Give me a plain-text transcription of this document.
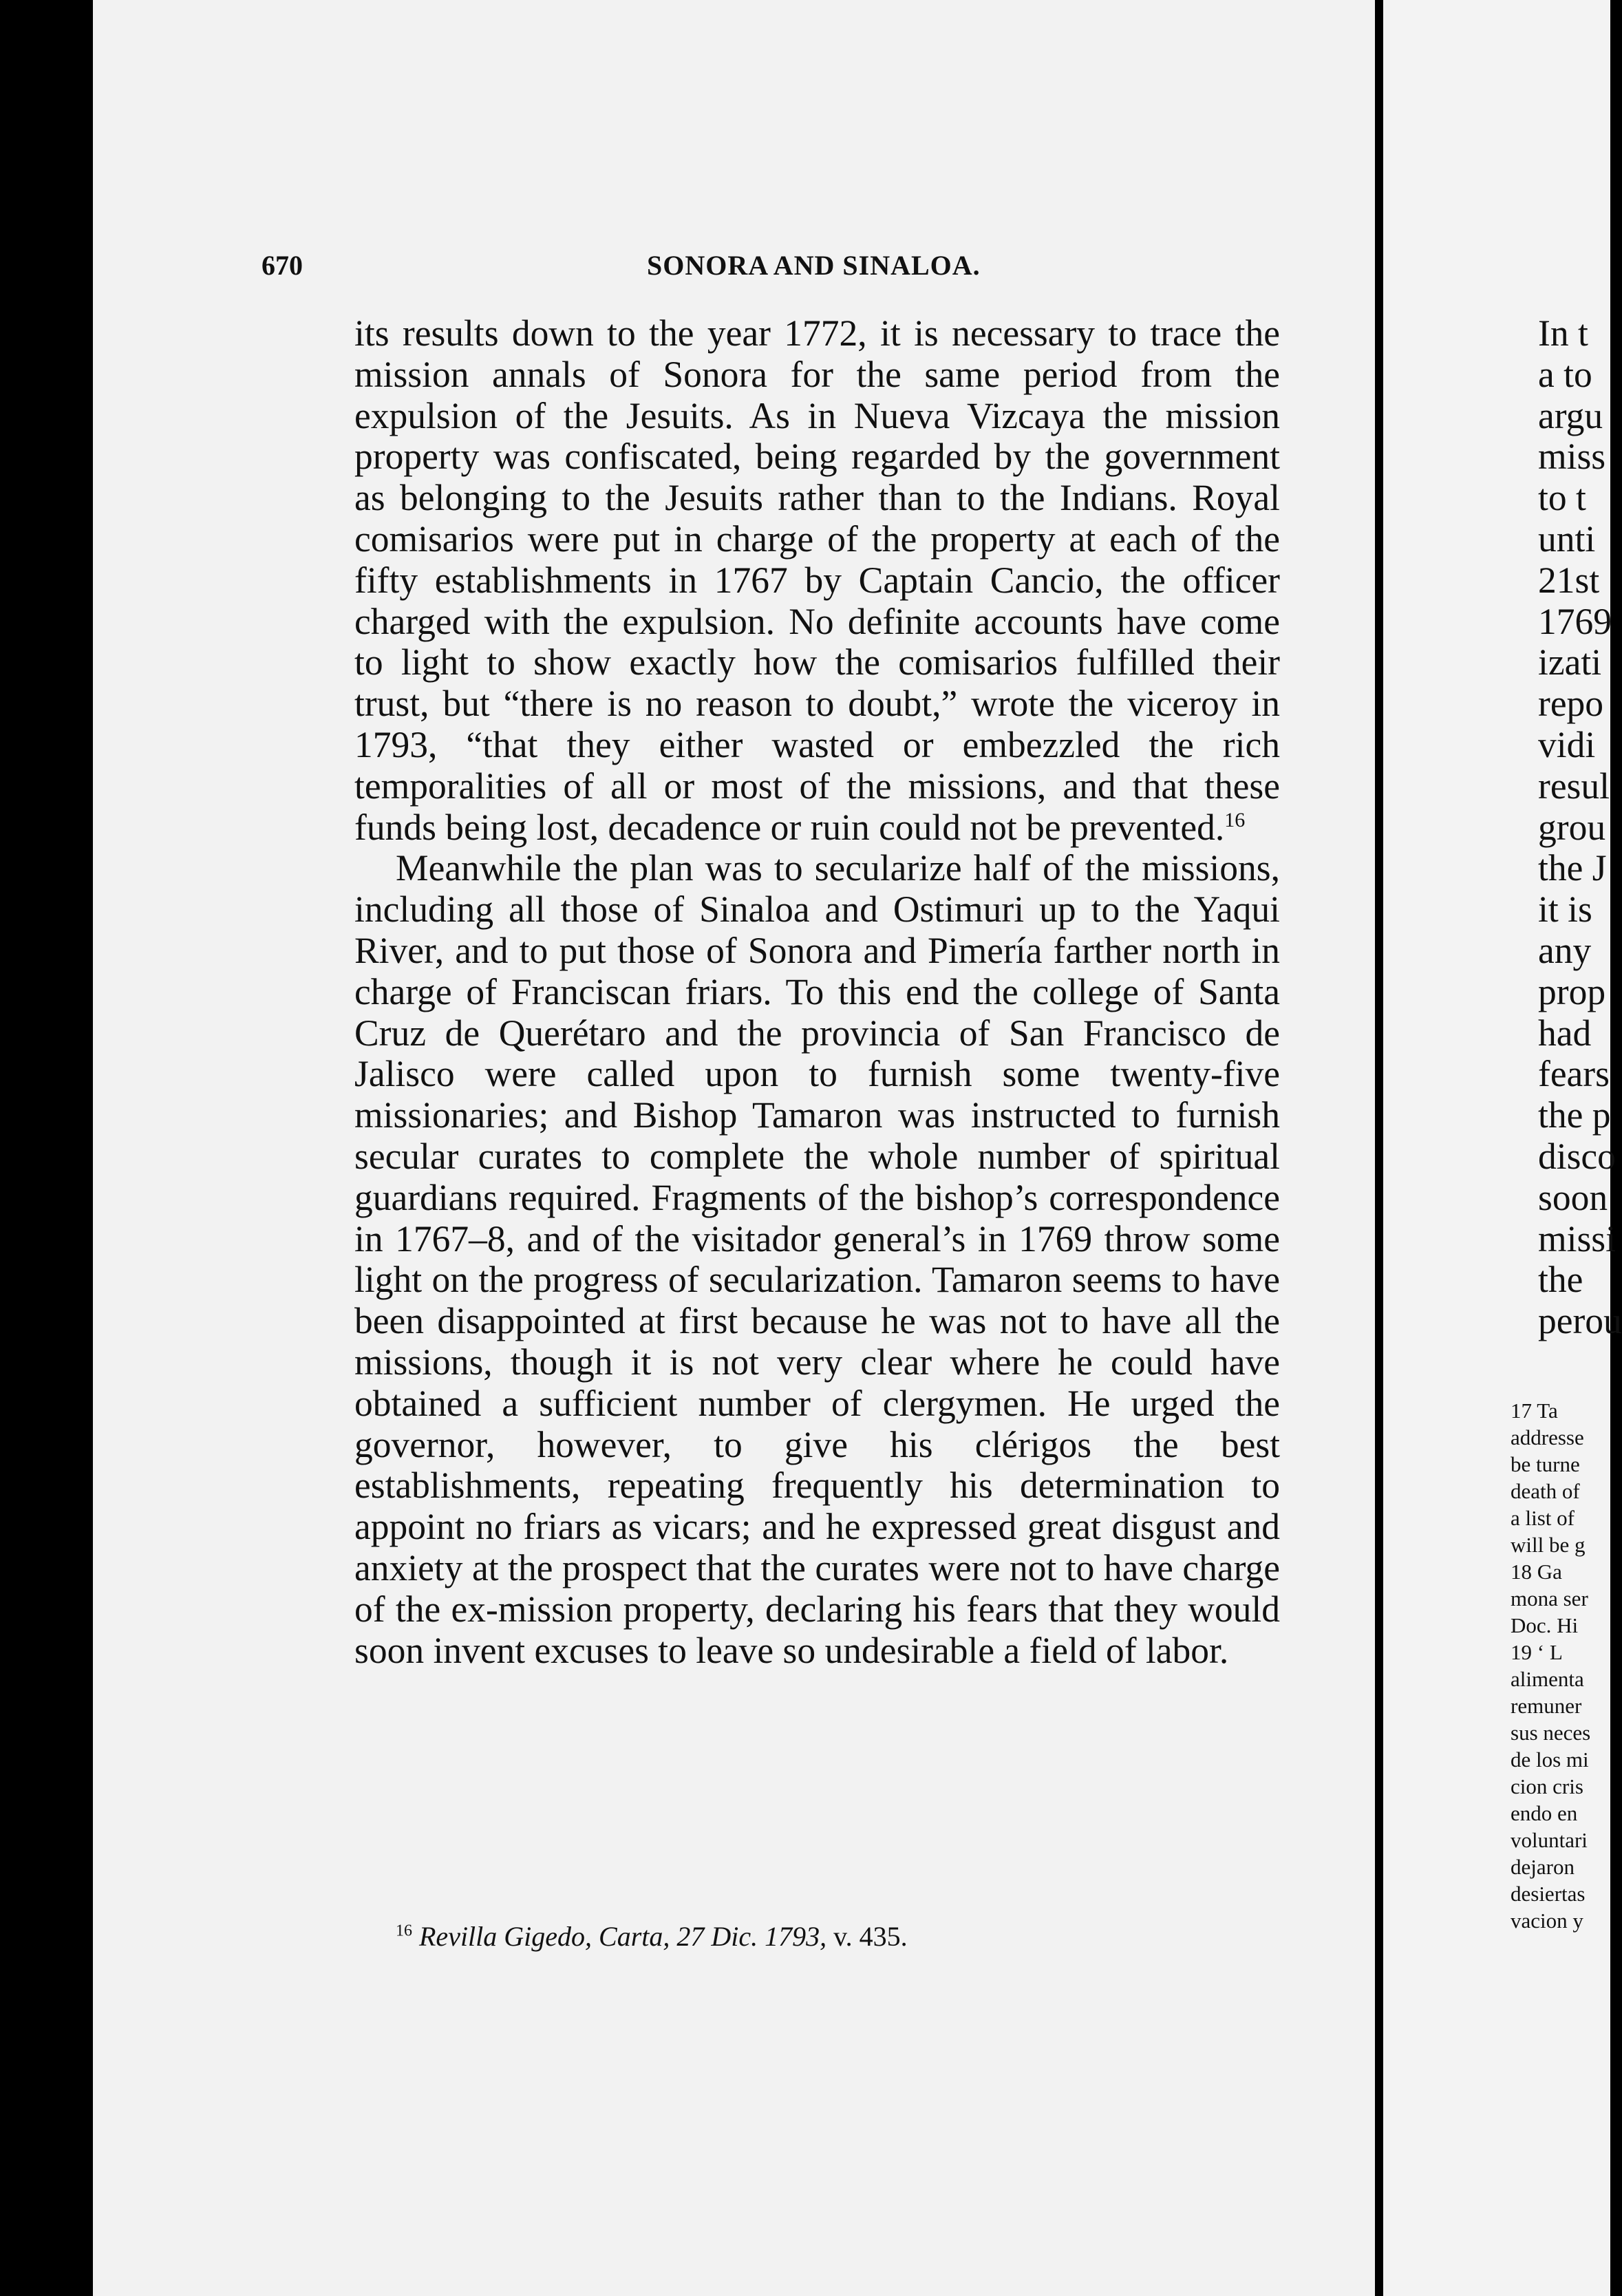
670	SONORA AND SINALOA.

its results down to the year 1772, it is necessary to trace the mission annals of Sonora for the same period from the expulsion of the Jesuits. As in Nueva Vizcaya the mission property was confiscated, being regarded by the government as belonging to the Jesuits rather than to the Indians. Royal comisarios were put in charge of the property at each of the fifty establishments in 1767 by Captain Cancio, the officer charged with the expulsion. No definite accounts have come to light to show exactly how the comisarios fulfilled their trust, but “there is no reason to doubt,” wrote the viceroy in 1793, “that they either wasted or embezzled the rich temporalities of all or most of the missions, and that these funds being lost, decadence or ruin could not be prevented.$^{16}$

Meanwhile the plan was to secularize half of the missions, including all those of Sinaloa and Ostimuri up to the Yaqui River, and to put those of Sonora and Pimería farther north in charge of Franciscan friars. To this end the college of Santa Cruz de Querétaro and the provincia of San Francisco de Jalisco were called upon to furnish some twenty-five missionaries; and Bishop Tamaron was instructed to furnish secular curates to complete the whole number of spiritual guardians required. Fragments of the bishop’s correspondence in 1767–8, and of the visitador general’s in 1769 throw some light on the progress of secularization. Tamaron seems to have been disappointed at first because he was not to have all the missions, though it is not very clear where he could have obtained a sufficient number of clergymen. He urged the governor, however, to give his clérigos the best establishments, repeating frequently his determination to appoint no friars as vicars; and he expressed great disgust and anxiety at the prospect that the curates were not to have charge of the ex-mission property, declaring his fears that they would soon invent excuses to leave so undesirable a field of labor.

$^{16}$ Revilla Gigedo, Carta, 27 Dic. 1793, v. 435.
In t
a to
argu
miss
to t
unti
21st
1769
izati
repo
vidi
resul
grou
the J
it is
any
prop
had
fears
the p
disco
soon
missi
the
perou
17 Ta
addresse
be turne
death of
a list of
will be g
18 Ga
mona ser
Doc. Hi
19 ‘ L
alimenta
remuner
sus neces
de los mi
cion cris
endo en
voluntari
dejaron
desiertas
vacion y
